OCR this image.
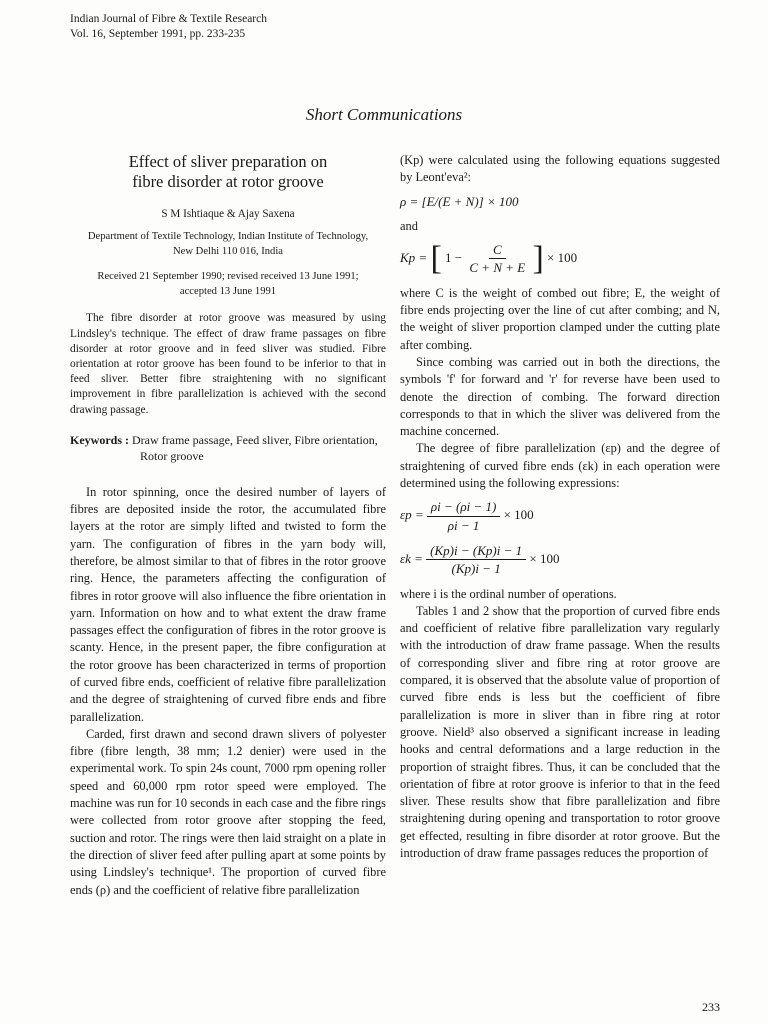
Indian Journal of Fibre & Textile Research
Vol. 16, September 1991, pp. 233-235
Short Communications
Effect of sliver preparation on
fibre disorder at rotor groove
S M Ishtiaque & Ajay Saxena
Department of Textile Technology, Indian Institute of Technology,
New Delhi 110 016, India
Received 21 September 1990; revised received 13 June 1991;
accepted 13 June 1991

The fibre disorder at rotor groove was measured by using Lindsley's technique. The effect of draw frame passages on fibre disorder at rotor groove and in feed sliver was studied. Fibre orientation at rotor groove has been found to be inferior to that in feed sliver. Better fibre straightening with no significant improvement in fibre parallelization is achieved with the second drawing passage.

Keywords : Draw frame passage, Feed sliver, Fibre orientation, Rotor groove

In rotor spinning, once the desired number of layers of fibres are deposited inside the rotor, the accumulated fibre layers at the rotor are simply lifted and twisted to form the yarn. The configuration of fibres in the yarn body will, therefore, be almost similar to that of fibres in the rotor groove ring. Hence, the parameters affecting the configuration of fibres in rotor groove will also influence the fibre orientation in yarn. Information on how and to what extent the draw frame passages effect the configuration of fibres in the rotor groove is scanty. Hence, in the present paper, the fibre configuration at the rotor groove has been characterized in terms of proportion of curved fibre ends, coefficient of relative fibre parallelization and the degree of straightening of curved fibre ends and fibre parallelization.

Carded, first drawn and second drawn slivers of polyester fibre (fibre length, 38 mm; 1.2 denier) were used in the experimental work. To spin 24s count, 7000 rpm opening roller speed and 60,000 rpm rotor speed were employed. The machine was run for 10 seconds in each case and the fibre rings were collected from rotor groove after stopping the feed, suction and rotor. The rings were then laid straight on a plate in the direction of sliver feed after pulling apart at some points by using Lindsley's technique¹. The proportion of curved fibre ends (ρ) and the coefficient of relative fibre parallelization

(Kp) were calculated using the following equations suggested by Leont'eva²:

ρ = [E/(E + N)] × 100
and
Kp = [ $1 - \frac{C}{C + N + E}$ ] × 100

where C is the weight of combed out fibre; E, the weight of fibre ends projecting over the line of cut after combing; and N, the weight of sliver proportion clamped under the cutting plate after combing.

Since combing was carried out in both the directions, the symbols 'f' for forward and 'r' for reverse have been used to denote the direction of combing. The forward direction corresponds to that in which the sliver was delivered from the machine concerned.

The degree of fibre parallelization (εp) and the degree of straightening of curved fibre ends (εk) in each operation were determined using the following expressions:

$\varepsilon p = \frac{\rho i - (\rho i - 1)}{\rho i - 1} \times 100$
$\varepsilon k = \frac{(Kp)i - (Kp)i - 1}{(Kp)i - 1} \times 100$

where i is the ordinal number of operations.

Tables 1 and 2 show that the proportion of curved fibre ends and coefficient of relative fibre parallelization vary regularly with the introduction of draw frame passage. When the results of corresponding sliver and fibre ring at rotor groove are compared, it is observed that the absolute value of proportion of curved fibre ends is less but the coefficient of fibre parallelization is more in sliver than in fibre ring at rotor groove. Nield³ also observed a significant increase in leading hooks and central deformations and a large reduction in the proportion of straight fibres. Thus, it can be concluded that the orientation of fibre at rotor groove is inferior to that in the feed sliver. These results show that fibre parallelization and fibre straightening during opening and transportation to rotor groove get effected, resulting in fibre disorder at rotor groove. But the introduction of draw frame passages reduces the proportion of

233
